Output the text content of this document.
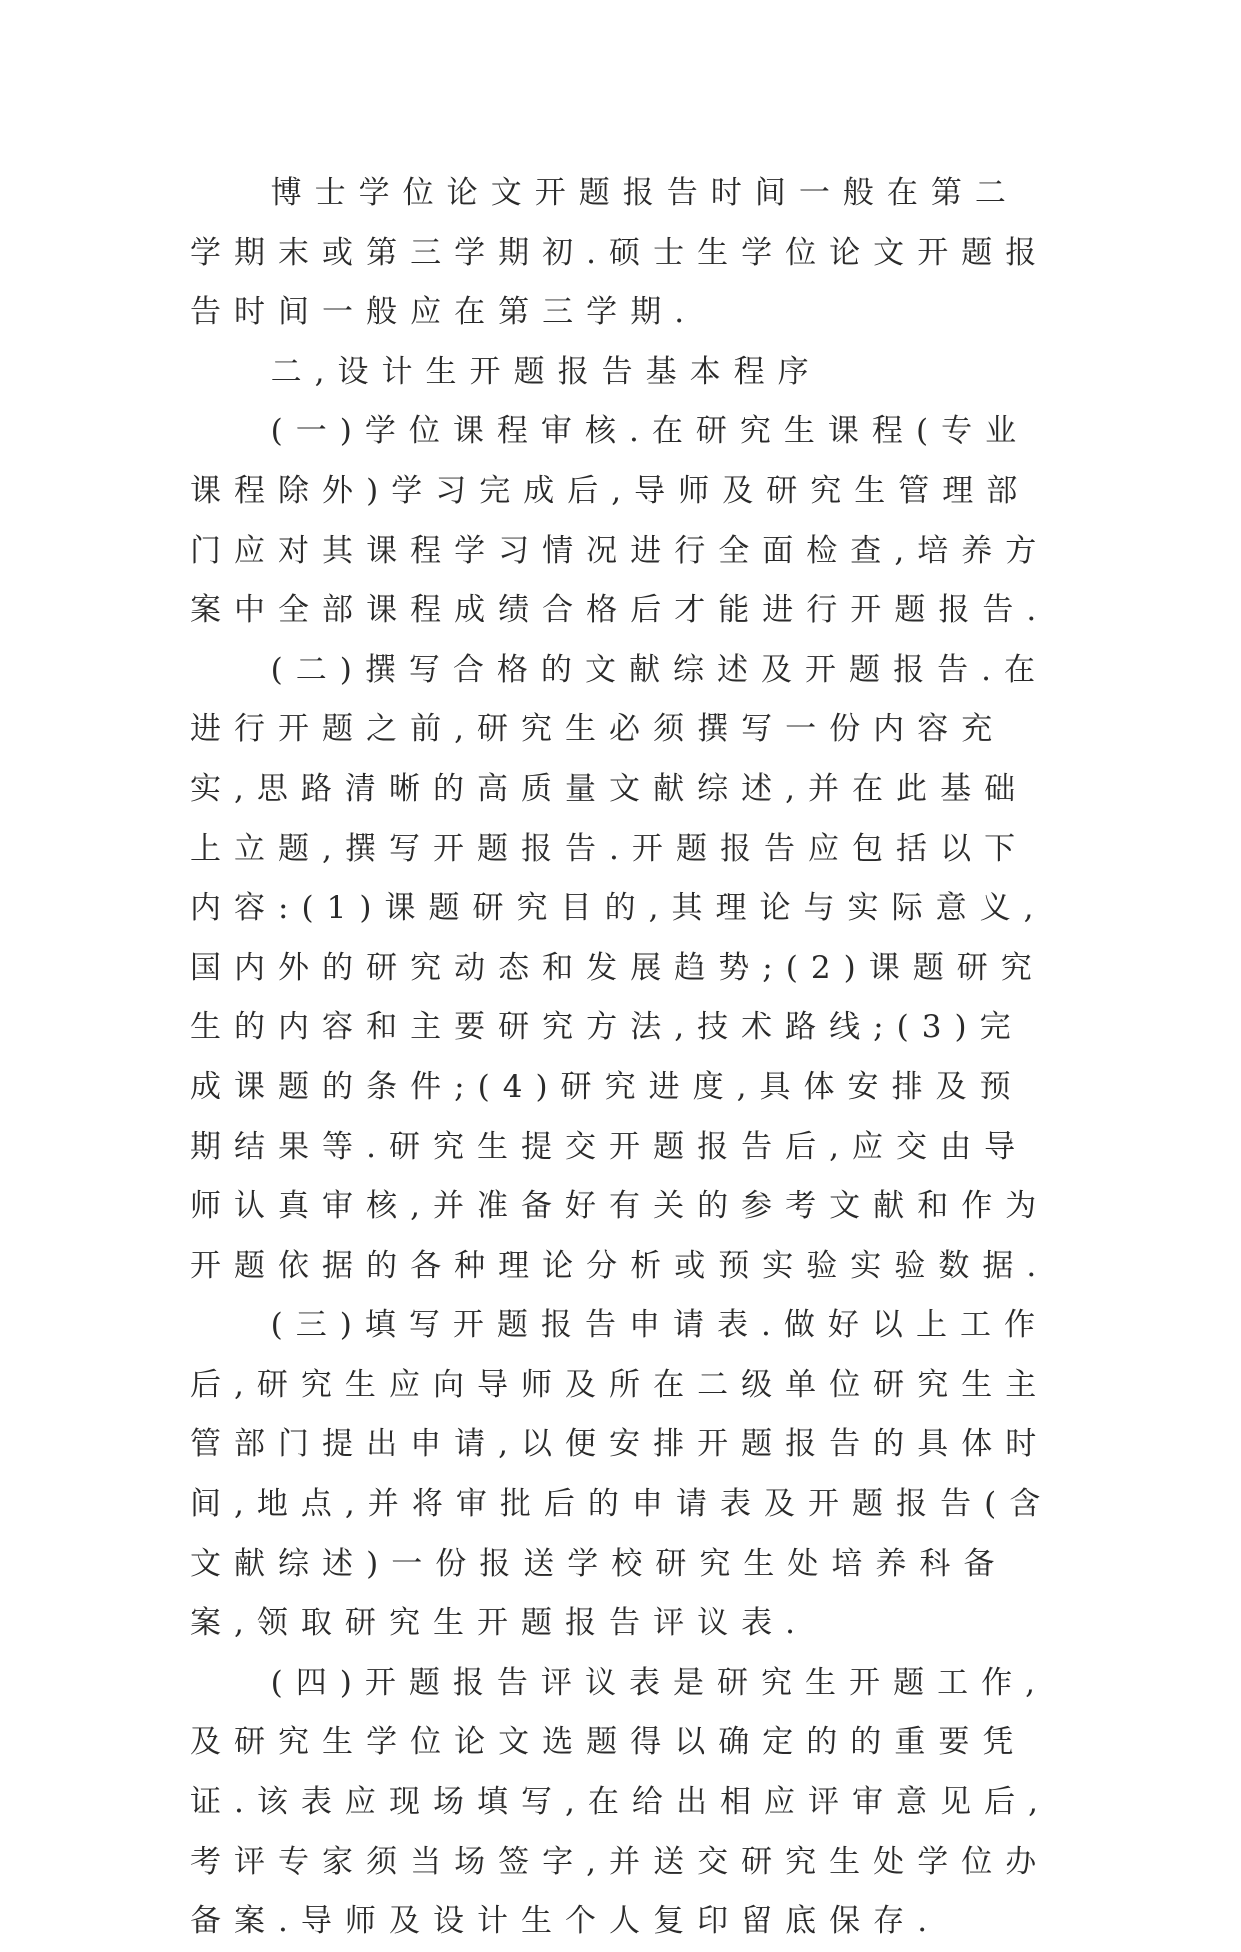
博士学位论文开题报告时间一般在第二学期末或第三学期初.硕士生学位论文开题报告时间一般应在第三学期.

二,设计生开题报告基本程序

(一)学位课程审核.在研究生课程(专业课程除外)学习完成后,导师及研究生管理部门应对其课程学习情况进行全面检查,培养方案中全部课程成绩合格后才能进行开题报告.

(二)撰写合格的文献综述及开题报告.在进行开题之前,研究生必须撰写一份内容充实,思路清晰的高质量文献综述,并在此基础上立题,撰写开题报告.开题报告应包括以下内容:(1)课题研究目的,其理论与实际意义,国内外的研究动态和发展趋势;(2)课题研究生的内容和主要研究方法,技术路线;(3)完成课题的条件;(4)研究进度,具体安排及预期结果等.研究生提交开题报告后,应交由导师认真审核,并准备好有关的参考文献和作为开题依据的各种理论分析或预实验实验数据.

(三)填写开题报告申请表.做好以上工作后,研究生应向导师及所在二级单位研究生主管部门提出申请,以便安排开题报告的具体时间,地点,并将审批后的申请表及开题报告(含文献综述)一份报送学校研究生处培养科备案,领取研究生开题报告评议表.

(四)开题报告评议表是研究生开题工作,及研究生学位论文选题得以确定的的重要凭证.该表应现场填写,在给出相应评审意见后,考评专家须当场签字,并送交研究生处学位办备案.导师及设计生个人复印留底保存.
